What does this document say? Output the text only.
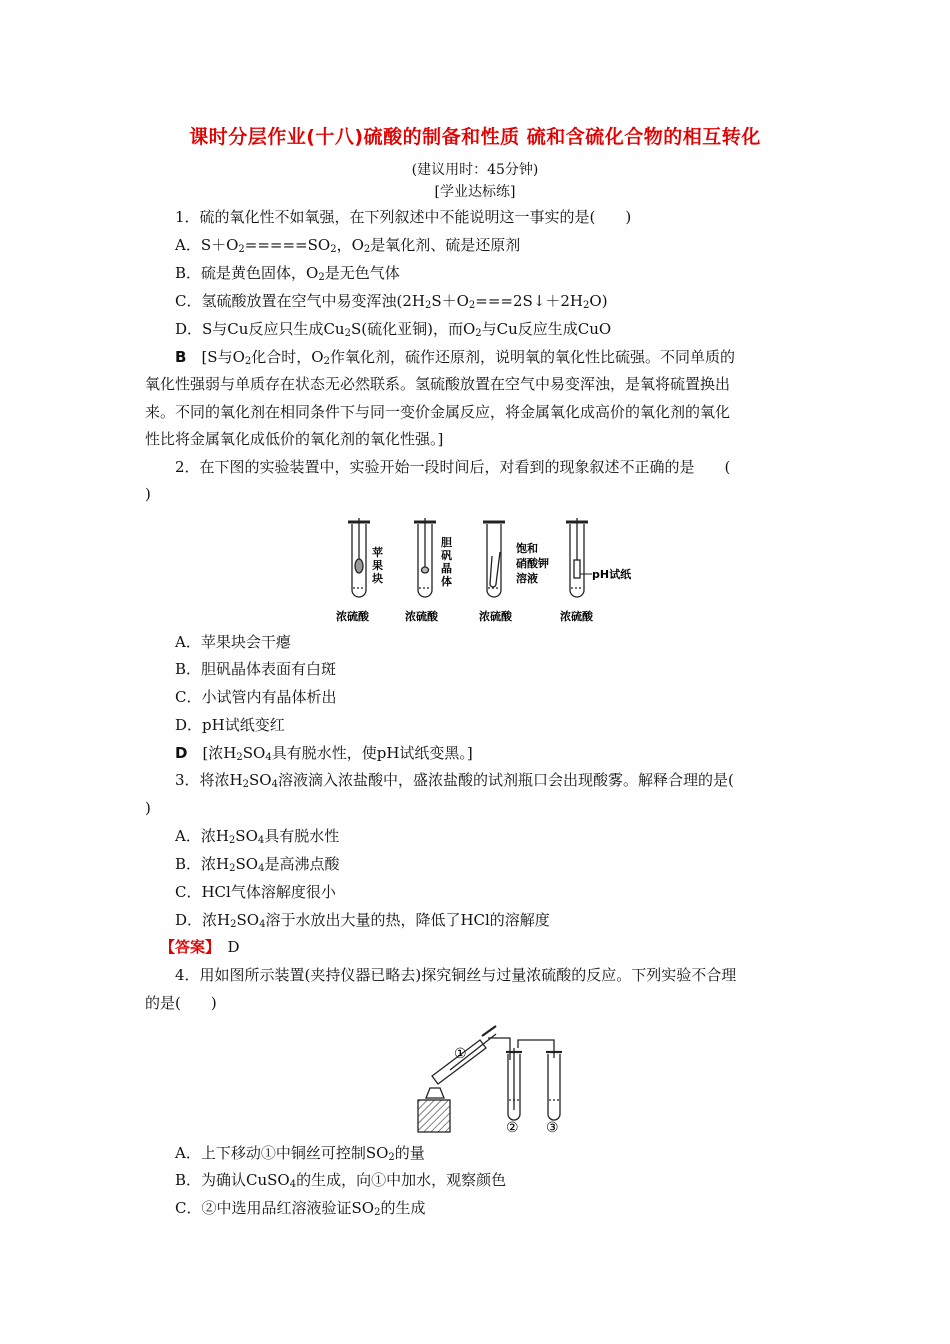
课时分层作业(十八)硫酸的制备和性质 硫和含硫化合物的相互转化
(建议用时：45分钟)
[学业达标练]
1．硫的氧化性不如氧强，在下列叙述中不能说明这一事实的是(　　)
A．$S+O_2=====SO_2$，$O_2$是氧化剂、硫是还原剂
B．硫是黄色固体，$O_2$是无色气体
C．氢硫酸放置在空气中易变浑浊$(2H_2S+O_2===2S↓+2H_2O)$
D．S与Cu反应只生成$Cu_2S$(硫化亚铜)，而$O_2$与Cu反应生成CuO
B　[S与$O_2$化合时，$O_2$作氧化剂，硫作还原剂，说明氧的氧化性比硫强。不同单质的
氧化性强弱与单质存在状态无必然联系。氢硫酸放置在空气中易变浑浊，是氧将硫置换出
来。不同的氧化剂在相同条件下与同一变价金属反应，将金属氧化成高价的氧化剂的氧化
性比将金属氧化成低价的氧化剂的氧化性强。]
2．在下图的实验装置中，实验开始一段时间后，对看到的现象叙述不正确的是　　(
)
苹
果
块
胆
矾
晶
体
饱和
硝酸钾
溶液	pH试纸
浓硫酸	浓硫酸	浓硫酸	浓硫酸
A．苹果块会干瘪
B．胆矾晶体表面有白斑
C．小试管内有晶体析出
D．pH试纸变红
D　[浓$H_2SO_4$具有脱水性，使pH试纸变黑。]
3．将浓$H_2SO_4$溶液滴入浓盐酸中，盛浓盐酸的试剂瓶口会出现酸雾。解释合理的是(
)
A．浓$H_2SO_4$具有脱水性
B．浓$H_2SO_4$是高沸点酸
C．HCl气体溶解度很小
D．浓$H_2SO_4$溶于水放出大量的热，降低了HCl的溶解度
【答案】　D
4．用如图所示装置(夹持仪器已略去)探究铜丝与过量浓硫酸的反应。下列实验不合理
的是(　　)
①
② ③
A．上下移动①中铜丝可控制$SO_2$的量
B．为确认CuSO$_4$的生成，向①中加水，观察颜色
C．②中选用品红溶液验证$SO_2$的生成
